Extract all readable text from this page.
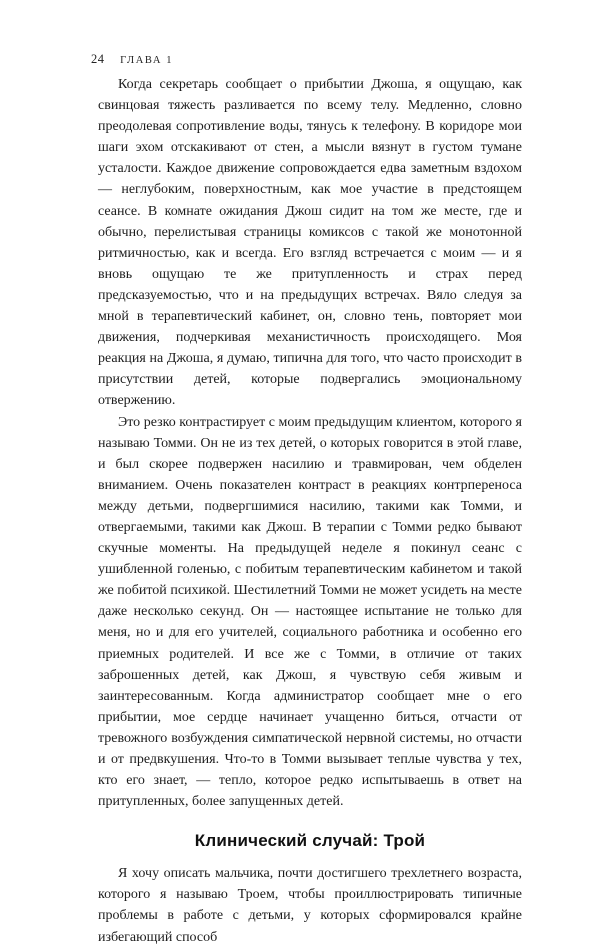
24 ГЛАВА 1

Когда секретарь сообщает о прибытии Джоша, я ощущаю, как свинцовая тяжесть разливается по всему телу. Медленно, словно преодолевая сопротивление воды, тянусь к телефону. В коридоре мои шаги эхом отскакивают от стен, а мысли вязнут в густом тумане усталости. Каждое движение сопровождается едва заметным вздохом — неглубоким, поверхностным, как мое участие в предстоящем сеансе. В комнате ожидания Джош сидит на том же месте, где и обычно, перелистывая страницы комиксов с такой же монотонной ритмичностью, как и всегда. Его взгляд встречается с моим — и я вновь ощущаю те же притупленность и страх перед предсказуемостью, что и на предыдущих встречах. Вяло следуя за мной в терапевтический кабинет, он, словно тень, повторяет мои движения, подчеркивая механистичность происходящего. Моя реакция на Джоша, я думаю, типична для того, что часто происходит в присутствии детей, которые подвергались эмоциональному отвержению.

Это резко контрастирует с моим предыдущим клиентом, которого я называю Томми. Он не из тех детей, о которых говорится в этой главе, и был скорее подвержен насилию и травмирован, чем обделен вниманием. Очень показателен контраст в реакциях контрпереноса между детьми, подвергшимися насилию, такими как Томми, и отвергаемыми, такими как Джош. В терапии с Томми редко бывают скучные моменты. На предыдущей неделе я покинул сеанс с ушибленной голенью, с побитым терапевтическим кабинетом и такой же побитой психикой. Шестилетний Томми не может усидеть на месте даже несколько секунд. Он — настоящее испытание не только для меня, но и для его учителей, социального работника и особенно его приемных родителей. И все же с Томми, в отличие от таких заброшенных детей, как Джош, я чувствую себя живым и заинтересованным. Когда администратор сообщает мне о его прибытии, мое сердце начинает учащенно биться, отчасти от тревожного возбуждения симпатической нервной системы, но отчасти и от предвкушения. Что-то в Томми вызывает теплые чувства у тех, кто его знает, — тепло, которое редко испытываешь в ответ на притупленных, более запущенных детей.

Клинический случай: Трой

Я хочу описать мальчика, почти достигшего трехлетнего возраста, которого я называю Троем, чтобы проиллюстрировать типичные проблемы в работе с детьми, у которых сформировался крайне избегающий способ
